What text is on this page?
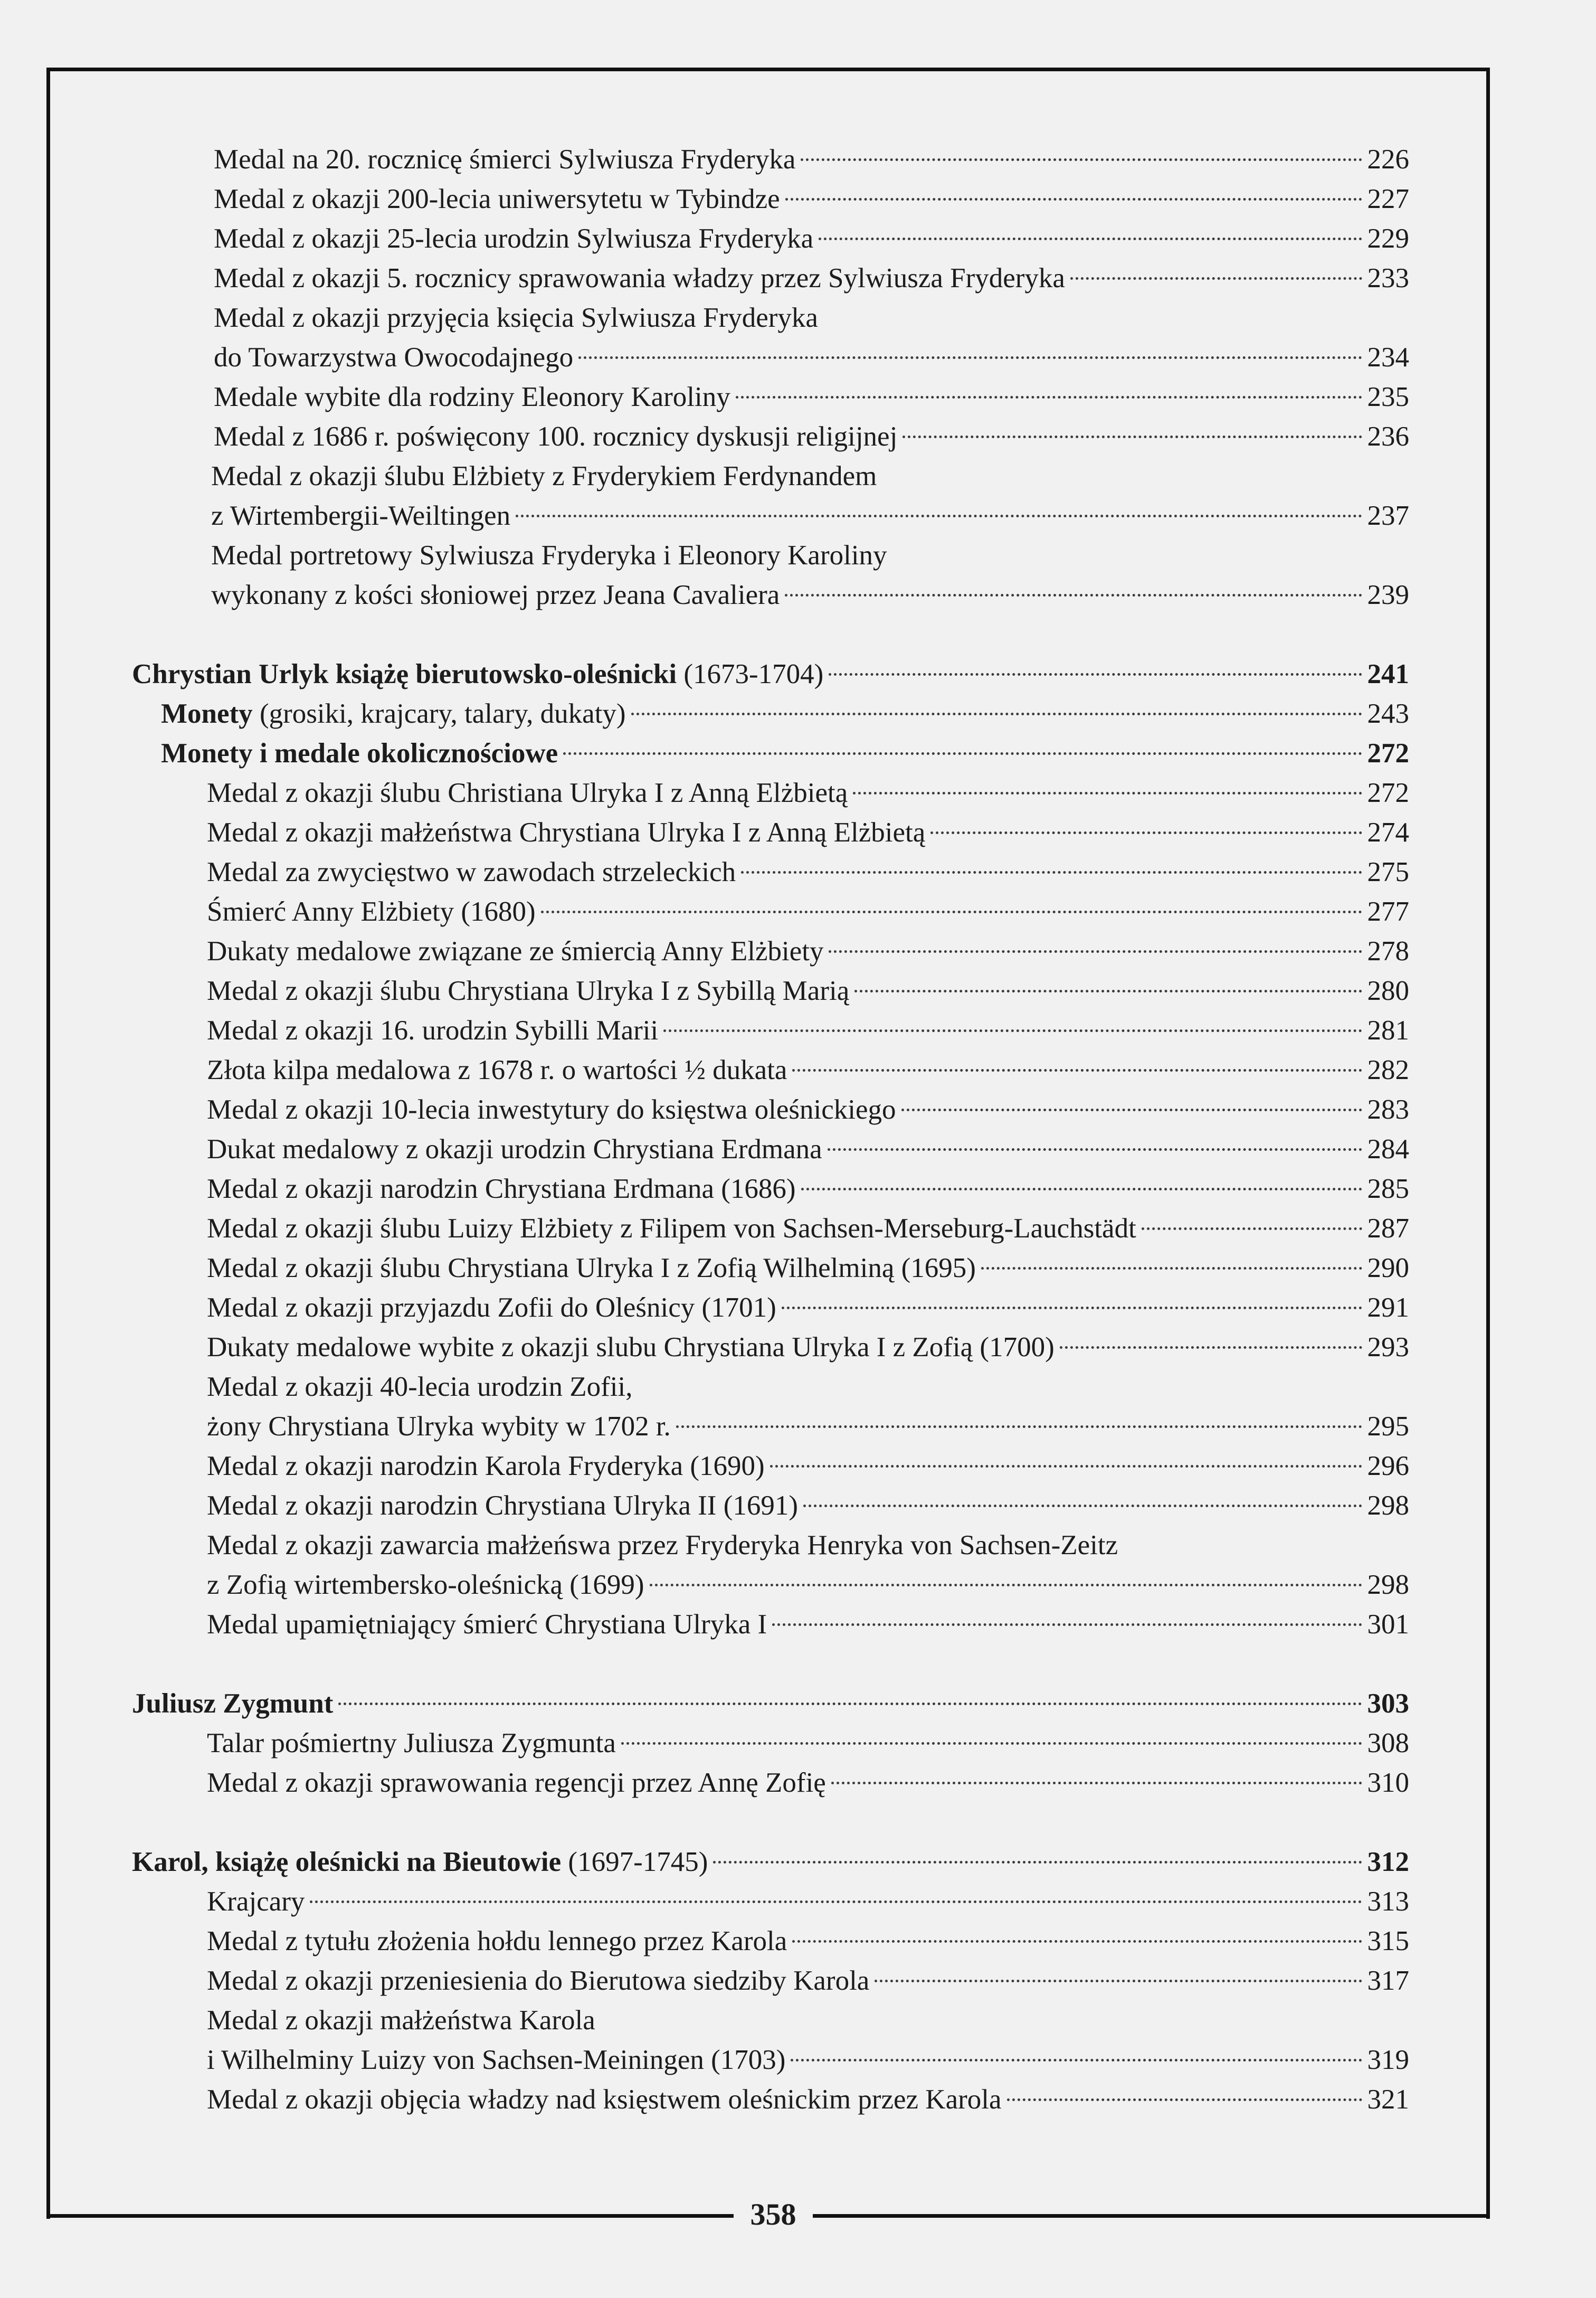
Medal na 20. rocznicę śmierci Sylwiusza Fryderyka	226
Medal z okazji 200-lecia uniwersytetu w Tybindze	227
Medal z okazji 25-lecia urodzin Sylwiusza Fryderyka	229
Medal z okazji 5. rocznicy sprawowania władzy przez Sylwiusza Fryderyka	233
Medal z okazji przyjęcia księcia Sylwiusza Fryderyka
do Towarzystwa Owocodajnego	234
Medale wybite dla rodziny Eleonory Karoliny	235
Medal z 1686 r. poświęcony 100. rocznicy dyskusji religijnej	236
Medal z okazji ślubu Elżbiety z Fryderykiem Ferdynandem
z Wirtembergii-Weiltingen	237
Medal portretowy Sylwiusza Fryderyka i Eleonory Karoliny
wykonany z kości słoniowej przez Jeana Cavaliera	239
Chrystian Urlyk książę bierutowsko-oleśnicki (1673-1704)	241
Monety (grosiki, krajcary, talary, dukaty)	243
Monety i medale okolicznościowe	272
Medal z okazji ślubu Christiana Ulryka I z Anną Elżbietą	272
Medal z okazji małżeństwa Chrystiana Ulryka I z Anną Elżbietą	274
Medal za zwycięstwo w zawodach strzeleckich	275
Śmierć Anny Elżbiety (1680)	277
Dukaty medalowe związane ze śmiercią Anny Elżbiety	278
Medal z okazji ślubu Chrystiana Ulryka I z Sybillą Marią	280
Medal z okazji 16. urodzin Sybilli Marii	281
Złota kilpa medalowa z 1678 r. o wartości ½ dukata	282
Medal z okazji 10-lecia inwestytury do księstwa oleśnickiego	283
Dukat medalowy z okazji urodzin Chrystiana Erdmana	284
Medal z okazji narodzin Chrystiana Erdmana (1686)	285
Medal z okazji ślubu Luizy Elżbiety z Filipem von Sachsen-Merseburg-Lauchstädt	287
Medal z okazji ślubu Chrystiana Ulryka I z Zofią Wilhelminą (1695)	290
Medal z okazji przyjazdu Zofii do Oleśnicy (1701)	291
Dukaty medalowe wybite z okazji slubu Chrystiana Ulryka I z Zofią (1700)	293
Medal z okazji 40-lecia urodzin Zofii,
żony Chrystiana Ulryka wybity w 1702 r.	295
Medal z okazji narodzin Karola Fryderyka (1690)	296
Medal z okazji narodzin Chrystiana Ulryka II (1691)	298
Medal z okazji zawarcia małżeńswa przez Fryderyka Henryka von Sachsen-Zeitz
z Zofią wirtembersko-oleśnicką (1699)	298
Medal upamiętniający śmierć Chrystiana Ulryka I	301
Juliusz Zygmunt	303
Talar pośmiertny Juliusza Zygmunta	308
Medal z okazji sprawowania regencji przez Annę Zofię	310
Karol, książę oleśnicki na Bieutowie (1697-1745)	312
Krajcary	313
Medal z tytułu złożenia hołdu lennego przez Karola	315
Medal z okazji przeniesienia do Bierutowa siedziby Karola	317
Medal z okazji małżeństwa Karola
i Wilhelminy Luizy von Sachsen-Meiningen (1703)	319
Medal z okazji objęcia władzy nad księstwem oleśnickim przez Karola	321
358
